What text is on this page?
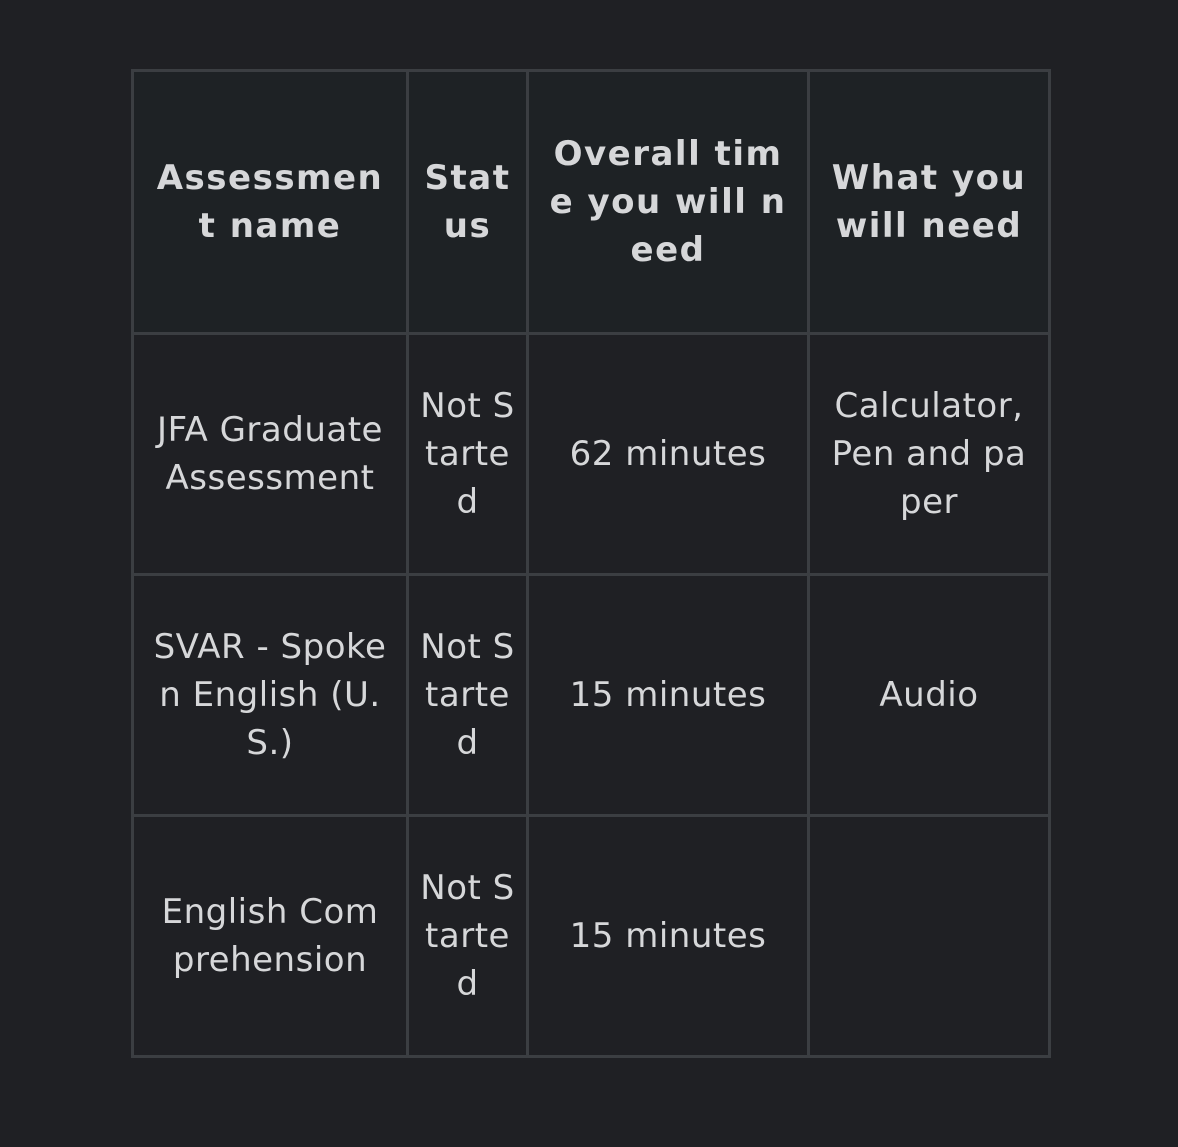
Assessment name	Status	Overall time you will need	What you will need
JFA Graduate Assessment	Not Started	62 minutes	Calculator, Pen and paper
SVAR - Spoken English (U.S.)	Not Started	15 minutes	Audio
English Comprehension	Not Started	15 minutes	
